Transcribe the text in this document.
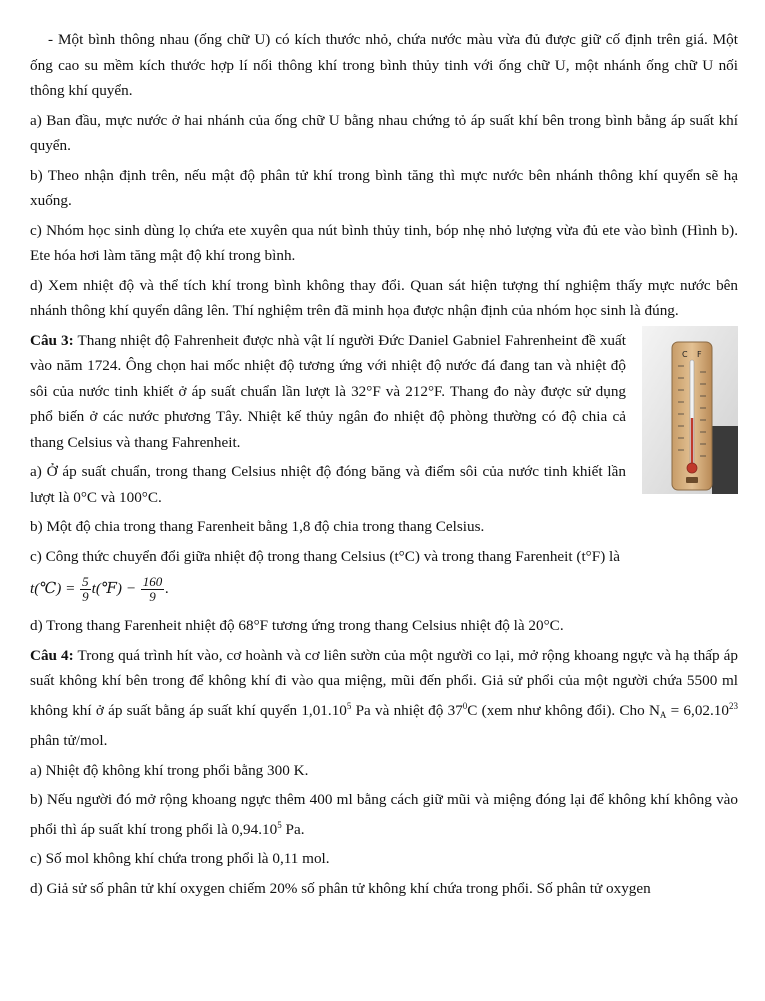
- Một bình thông nhau (ống chữ U) có kích thước nhỏ, chứa nước màu vừa đủ được giữ cố định trên giá. Một ống cao su mềm kích thước hợp lí nối thông khí trong bình thủy tinh với ống chữ U, một nhánh ống chữ U nối thông khí quyển.

a) Ban đầu, mực nước ở hai nhánh của ống chữ U bằng nhau chứng tỏ áp suất khí bên trong bình bằng áp suất khí quyển.

b) Theo nhận định trên, nếu mật độ phân tử khí trong bình tăng thì mực nước bên nhánh thông khí quyển sẽ hạ xuống.

c) Nhóm học sinh dùng lọ chứa ete xuyên qua nút bình thủy tinh, bóp nhẹ nhỏ lượng vừa đủ ete vào bình (Hình b). Ete hóa hơi làm tăng mật độ khí trong bình.

d) Xem nhiệt độ và thể tích khí trong bình không thay đổi. Quan sát hiện tượng thí nghiệm thấy mực nước bên nhánh thông khí quyển dâng lên. Thí nghiệm trên đã minh họa được nhận định của nhóm học sinh là đúng.

C F

Câu 3: Thang nhiệt độ Fahrenheit được nhà vật lí người Đức Daniel Gabniel Fahrenheint đề xuất vào năm 1724. Ông chọn hai mốc nhiệt độ tương ứng với nhiệt độ nước đá đang tan và nhiệt độ sôi của nước tinh khiết ở áp suất chuẩn lần lượt là 32°F và 212°F. Thang đo này được sử dụng phổ biến ở các nước phương Tây. Nhiệt kế thủy ngân đo nhiệt độ phòng thường có độ chia cả thang Celsius và thang Fahrenheit.

a) Ở áp suất chuẩn, trong thang Celsius nhiệt độ đóng băng và điểm sôi của nước tinh khiết lần lượt là 0°C và 100°C.

b) Một độ chia trong thang Farenheit bằng 1,8 độ chia trong thang Celsius.

c) Công thức chuyển đổi giữa nhiệt độ trong thang Celsius (t°C) và trong thang Farenheit (t°F) là

t(℃) = $\frac{5}{9}$ t(℉) − $\frac{160}{9}$ .

d) Trong thang Farenheit nhiệt độ 68°F tương ứng trong thang Celsius nhiệt độ là 20°C.

Câu 4: Trong quá trình hít vào, cơ hoành và cơ liên sườn của một người co lại, mở rộng khoang ngực và hạ thấp áp suất không khí bên trong để không khí đi vào qua miệng, mũi đến phổi. Giả sử phổi của một người chứa 5500 ml không khí ở áp suất bằng áp suất khí quyển 1,01.10$^5$ Pa và nhiệt độ $37^0C$ (xem như không đổi). Cho $N_A = 6,02.10^{23}$ phân tử/mol.

a) Nhiệt độ không khí trong phổi bằng 300 K.

b) Nếu người đó mở rộng khoang ngực thêm 400 ml bằng cách giữ mũi và miệng đóng lại để không khí không vào phổi thì áp suất khí trong phổi là 0,94.10$^5$ Pa.

c) Số mol không khí chứa trong phổi là 0,11 mol.

d) Giả sử số phân tử khí oxygen chiếm 20% số phân tử không khí chứa trong phổi. Số phân tử oxygen
